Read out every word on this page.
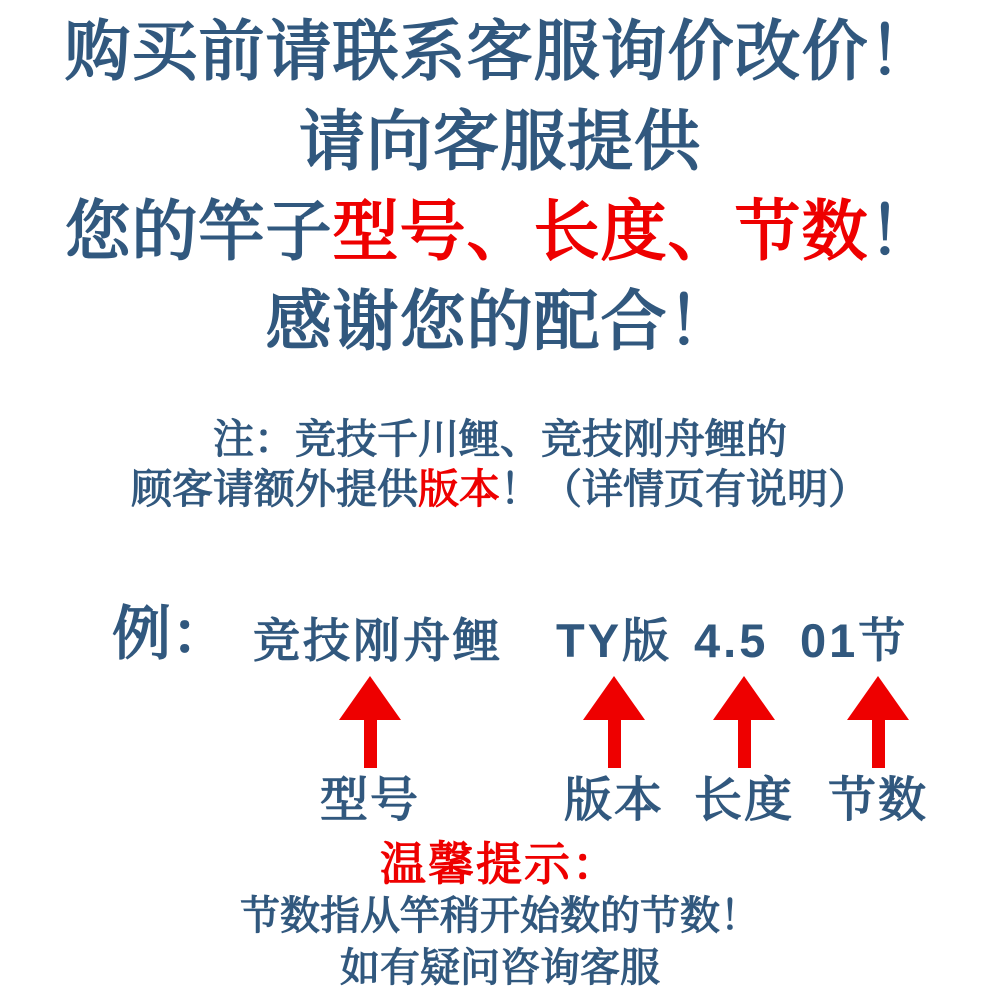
购买前请联系客服询价改价！
请向客服提供
您的竿子型号、长度、节数！
感谢您的配合！
注：竞技千川鲤、竞技刚舟鲤的
顾客请额外提供版本！（详情页有说明）
例： 竞技刚舟鲤 TY版 4.5 01节
型号	版本 长度 节数
温馨提示：
节数指从竿稍开始数的节数！
如有疑问咨询客服
